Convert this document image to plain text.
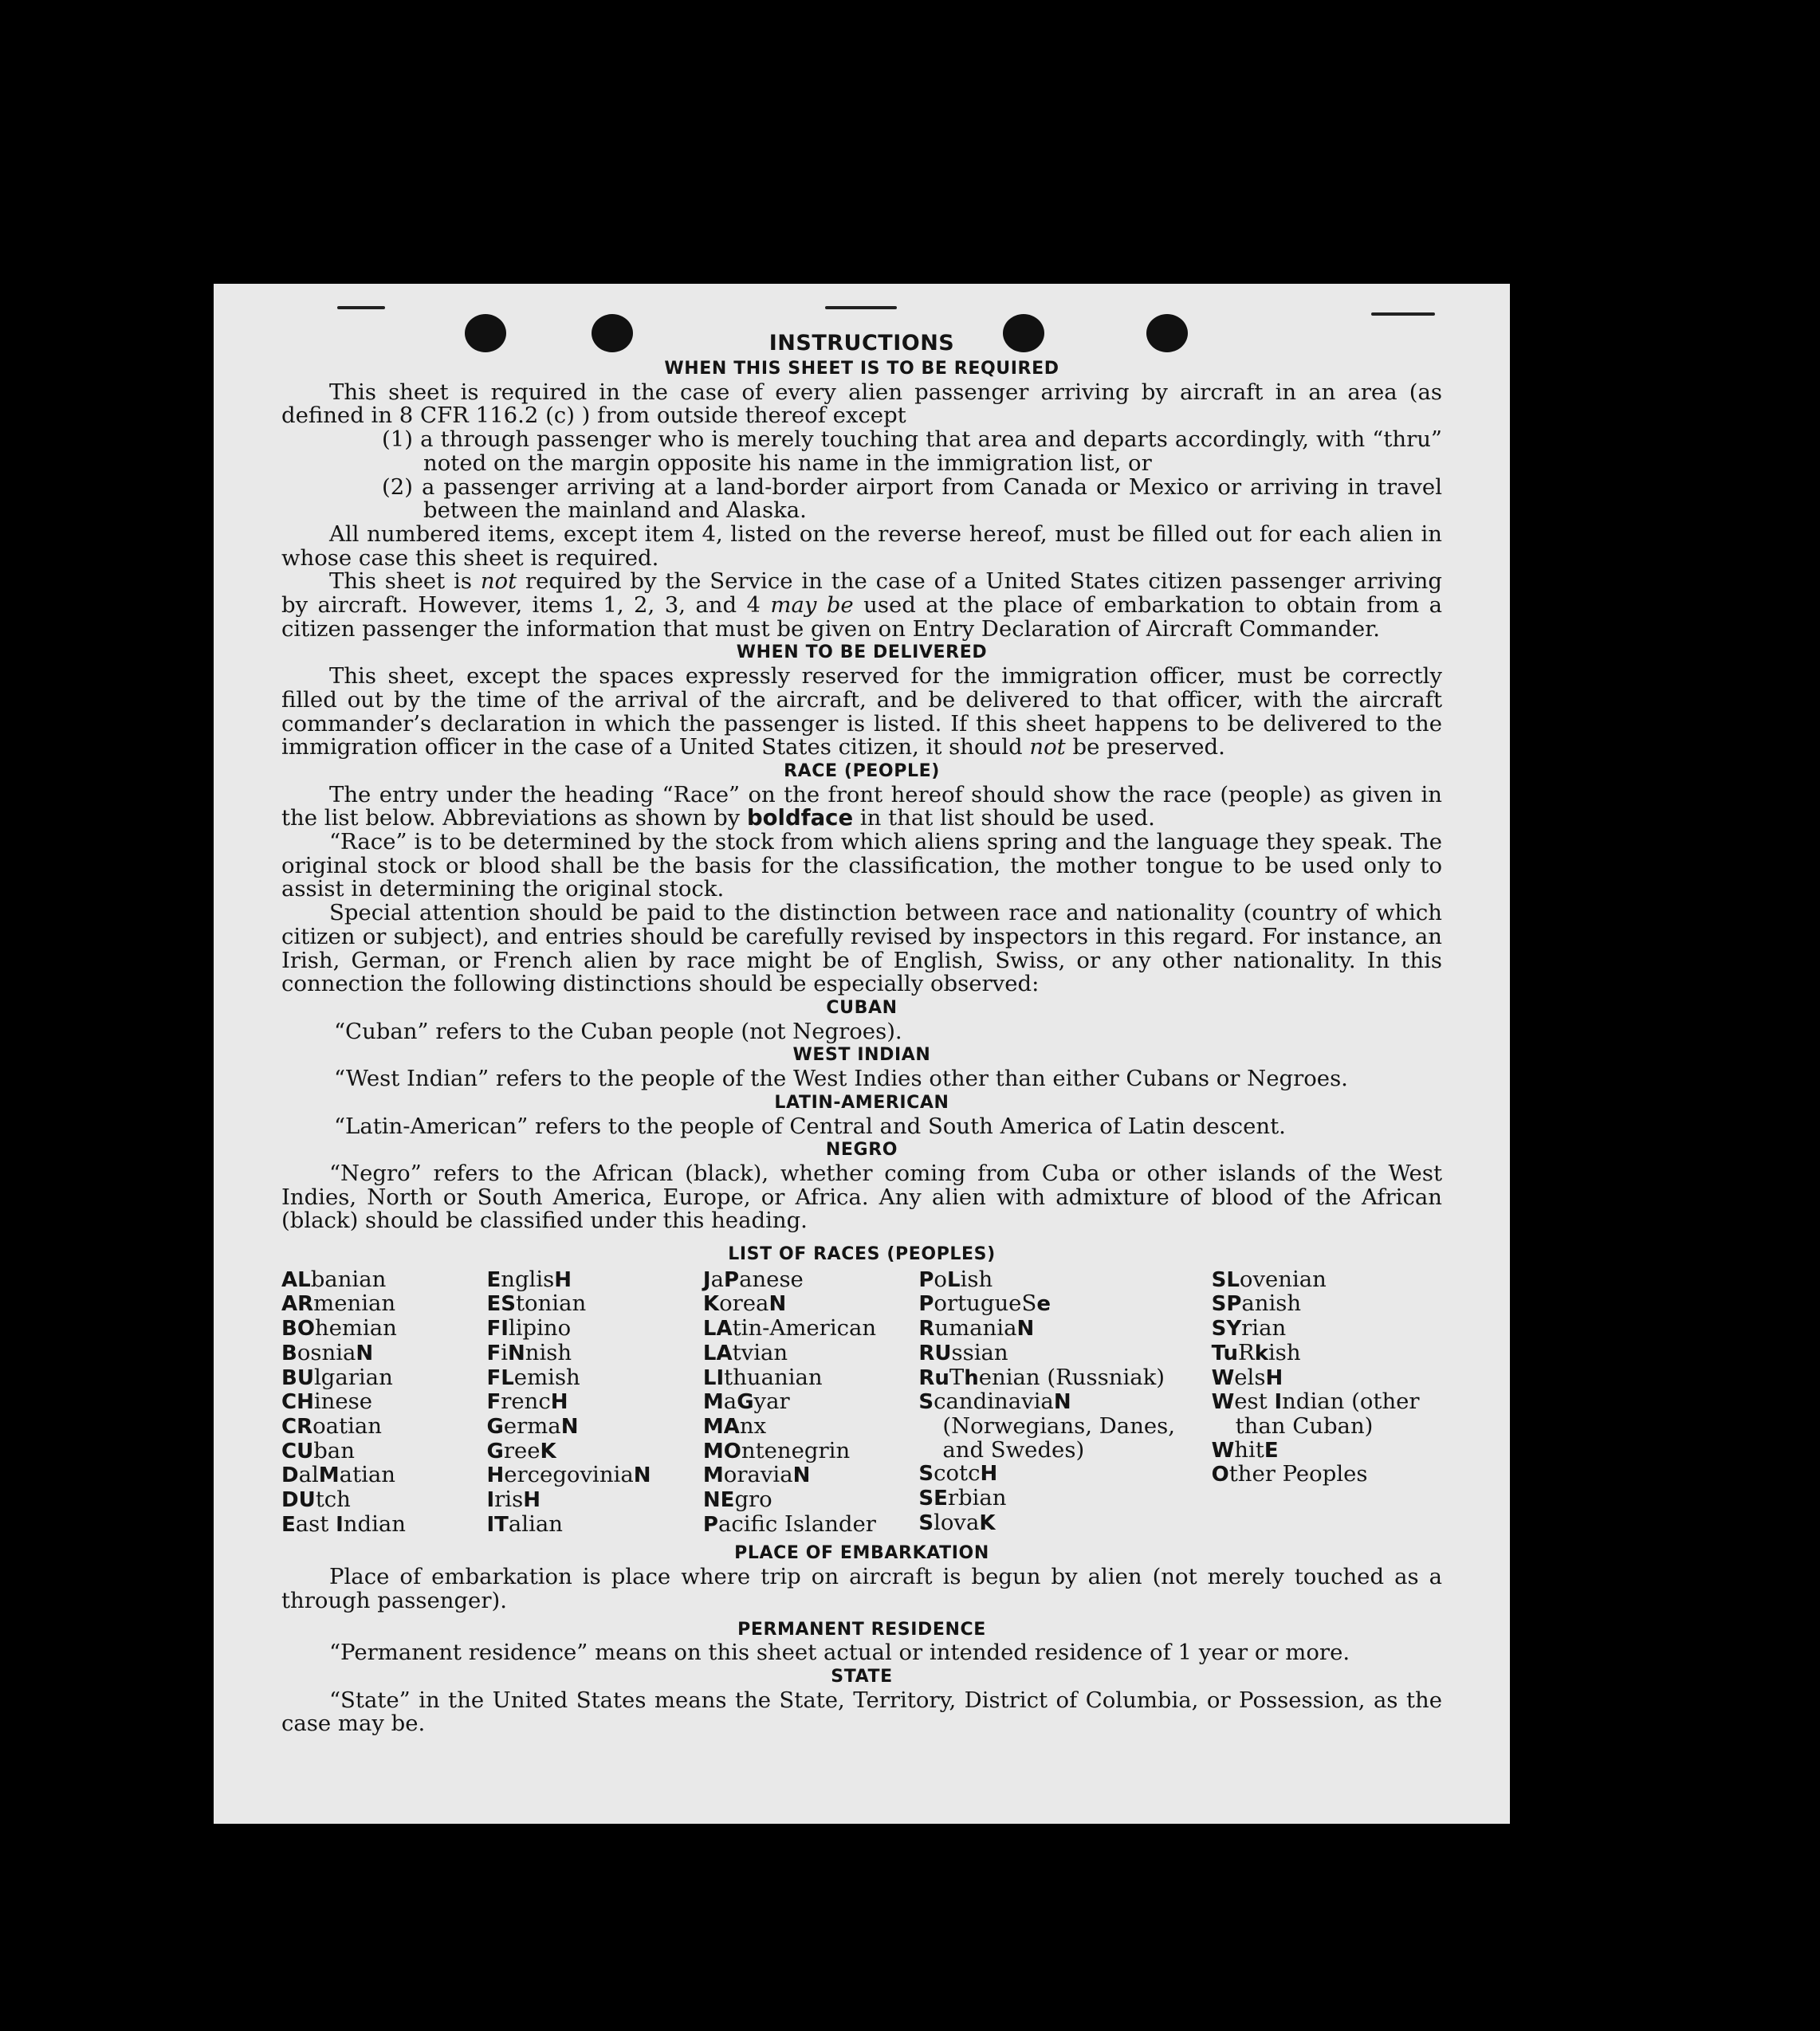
INSTRUCTIONS
WHEN THIS SHEET IS TO BE REQUIRED

This sheet is required in the case of every alien passenger arriving by aircraft in an area (as defined in 8 CFR 116.2 (c) ) from outside thereof except

(1) a through passenger who is merely touching that area and departs accordingly, with “thru” noted on the margin opposite his name in the immigration list, or
(2) a passenger arriving at a land-border airport from Canada or Mexico or arriving in travel between the mainland and Alaska.

All numbered items, except item 4, listed on the reverse hereof, must be filled out for each alien in whose case this sheet is required.

This sheet is not required by the Service in the case of a United States citizen passenger arriving by aircraft. However, items 1, 2, 3, and 4 may be used at the place of embarkation to obtain from a citizen passenger the information that must be given on Entry Declaration of Aircraft Commander.

WHEN TO BE DELIVERED

This sheet, except the spaces expressly reserved for the immigration officer, must be correctly filled out by the time of the arrival of the aircraft, and be delivered to that officer, with the aircraft commander’s declaration in which the passenger is listed. If this sheet happens to be delivered to the immigration officer in the case of a United States citizen, it should not be preserved.

RACE (PEOPLE)

The entry under the heading “Race” on the front hereof should show the race (people) as given in the list below. Abbreviations as shown by boldface in that list should be used.

“Race” is to be determined by the stock from which aliens spring and the language they speak. The original stock or blood shall be the basis for the classification, the mother tongue to be used only to assist in determining the original stock.

Special attention should be paid to the distinction between race and nationality (country of which citizen or subject), and entries should be carefully revised by inspectors in this regard. For instance, an Irish, German, or French alien by race might be of English, Swiss, or any other nationality. In this connection the following distinctions should be especially observed:

CUBAN
“Cuban” refers to the Cuban people (not Negroes).
WEST INDIAN
“West Indian” refers to the people of the West Indies other than either Cubans or Negroes.
LATIN-AMERICAN
“Latin-American” refers to the people of Central and South America of Latin descent.
NEGRO

“Negro” refers to the African (black), whether coming from Cuba or other islands of the West Indies, North or South America, Europe, or Africa. Any alien with admixture of blood of the African (black) should be classified under this heading.

LIST OF RACES (PEOPLES)
ALbanian
ARmenian
BOhemian
BosniaN
BUlgarian
CHinese
CRoatian
CUban
DalMatian
DUtch
East Indian
EnglisH
EStonian
FIlipino
FiNnish
FLemish
FrencH
GermaN
GreeK
HercegoviniaN
IrisH
ITalian
JaPanese
KoreaN
LAtin-American
LAtvian
LIthuanian
MaGyar
MAnx
MOntenegrin
MoraviaN
NEgro
Pacific Islander
PoLish
PortugueSe
RumaniaN
RUssian
RuThenian (Russniak)
ScandinaviaN (Norwegians, Danes, and Swedes)
ScotcH
SErbian
SlovaK
SLovenian
SPanish
SYrian
TuRkish
WelsH
West Indian (other than Cuban)
WhitE
Other Peoples
PLACE OF EMBARKATION

Place of embarkation is place where trip on aircraft is begun by alien (not merely touched as a through passenger).

PERMANENT RESIDENCE

“Permanent residence” means on this sheet actual or intended residence of 1 year or more.

STATE

“State” in the United States means the State, Territory, District of Columbia, or Possession, as the case may be.
